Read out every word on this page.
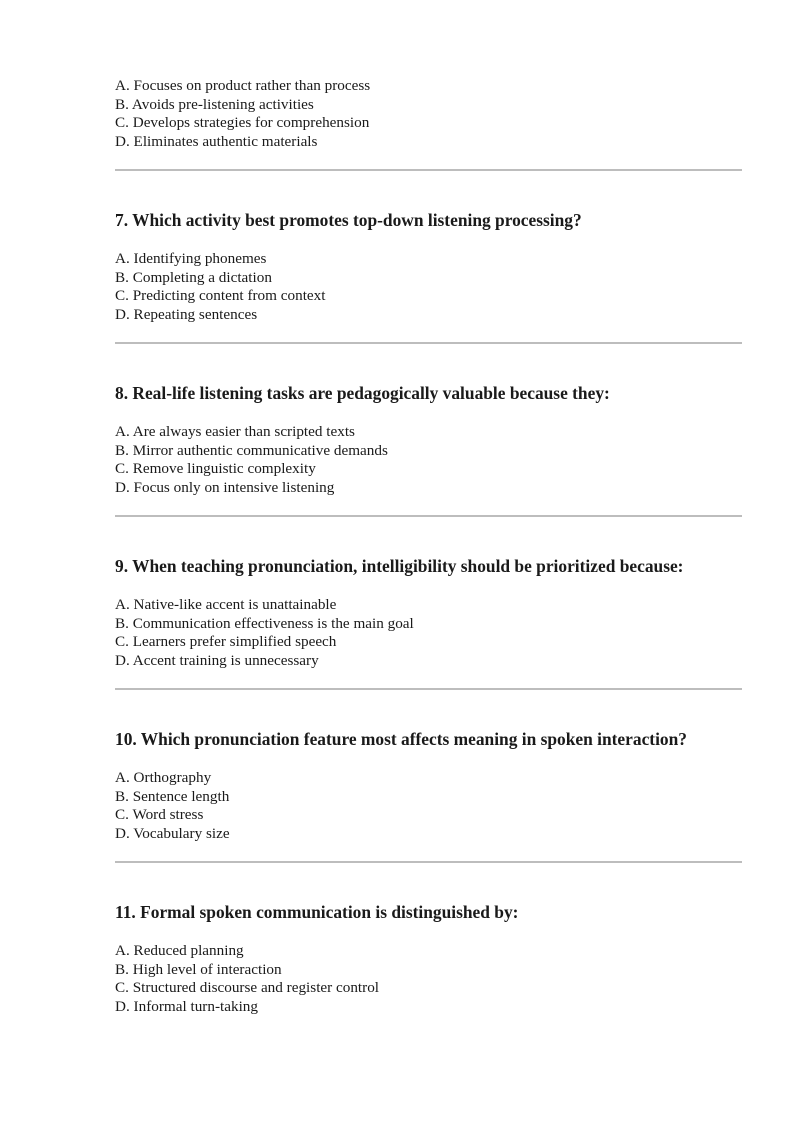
A. Focuses on product rather than process
B. Avoids pre-listening activities
C. Develops strategies for comprehension
D. Eliminates authentic materials

7. Which activity best promotes top-down listening processing?

A. Identifying phonemes
B. Completing a dictation
C. Predicting content from context
D. Repeating sentences

8. Real-life listening tasks are pedagogically valuable because they:

A. Are always easier than scripted texts
B. Mirror authentic communicative demands
C. Remove linguistic complexity
D. Focus only on intensive listening

9. When teaching pronunciation, intelligibility should be prioritized because:

A. Native-like accent is unattainable
B. Communication effectiveness is the main goal
C. Learners prefer simplified speech
D. Accent training is unnecessary

10. Which pronunciation feature most affects meaning in spoken interaction?

A. Orthography
B. Sentence length
C. Word stress
D. Vocabulary size

11. Formal spoken communication is distinguished by:

A. Reduced planning
B. High level of interaction
C. Structured discourse and register control
D. Informal turn-taking
